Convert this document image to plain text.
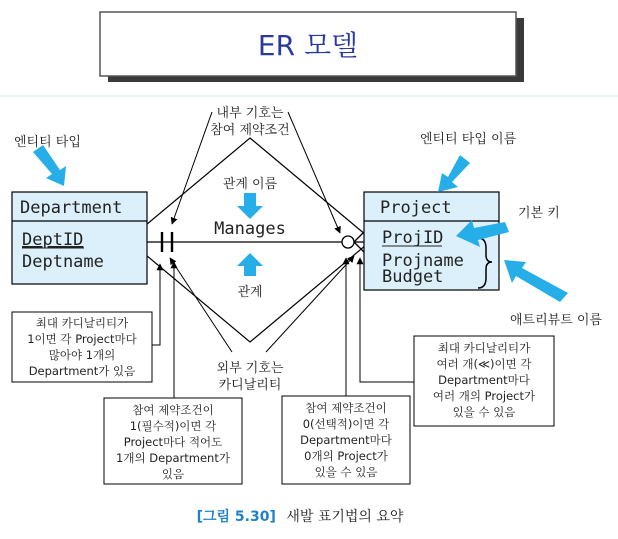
ER 모델
Department
DeptID
Deptname
Project
ProjID
Projname
Budget
Manages
엔티티 타입
내부 기호는
참여 제약조건
관계 이름
관계
엔티티 타입 이름
기본 키
애트리뷰트 이름
외부 기호는
카디날리티
최대 카디날리티가
1이면 각 Project마다
많아야 1개의
Department가 있음
참여 제약조건이
1(필수적)이면 각
Project마다 적어도
1개의 Department가
있음
참여 제약조건이
0(선택적)이면 각
Department마다
0개의 Project가
있을 수 있음
최대 카디날리티가
여러 개(≪)이면 각
Department마다
여러 개의 Project가
있을 수 있음
[그림 5.30] 새발 표기법의 요약
